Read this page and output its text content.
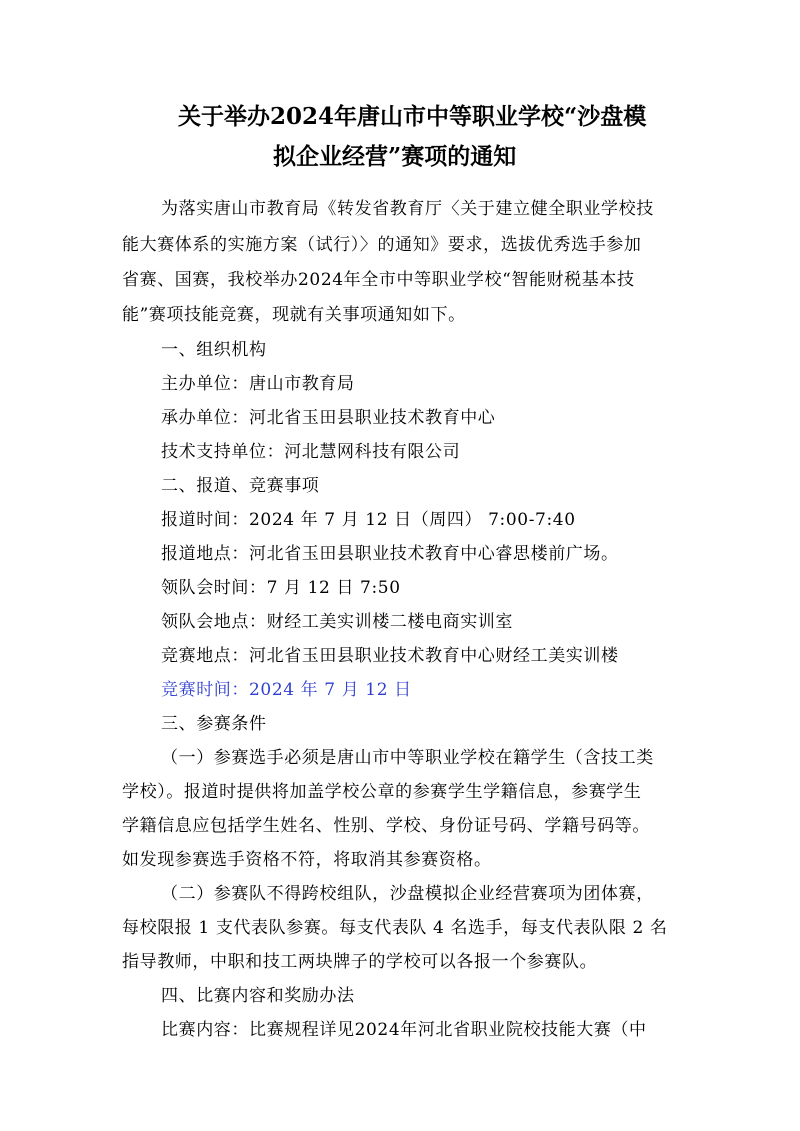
关于举办2024年唐山市中等职业学校“沙盘模
拟企业经营”赛项的通知
为落实唐山市教育局《转发省教育厅〈关于建立健全职业学校技
能大赛体系的实施方案（试行）〉的通知》要求，选拔优秀选手参加
省赛、国赛，我校举办2024年全市中等职业学校“智能财税基本技
能”赛项技能竞赛，现就有关事项通知如下。
一、组织机构
主办单位：唐山市教育局
承办单位：河北省玉田县职业技术教育中心
技术支持单位：河北慧网科技有限公司
二、报道、竞赛事项
报道时间：2024 年 7 月 12 日（周四） 7:00-7:40
报道地点：河北省玉田县职业技术教育中心睿思楼前广场。
领队会时间：7 月 12 日 7:50
领队会地点：财经工美实训楼二楼电商实训室
竞赛地点：河北省玉田县职业技术教育中心财经工美实训楼
竞赛时间：2024 年 7 月 12 日
三、参赛条件
（一）参赛选手必须是唐山市中等职业学校在籍学生（含技工类
学校）。报道时提供将加盖学校公章的参赛学生学籍信息，参赛学生
学籍信息应包括学生姓名、性别、学校、身份证号码、学籍号码等。
如发现参赛选手资格不符，将取消其参赛资格。
（二）参赛队不得跨校组队，沙盘模拟企业经营赛项为团体赛，
每校限报 1 支代表队参赛。每支代表队 4 名选手，每支代表队限 2 名
指导教师，中职和技工两块牌子的学校可以各报一个参赛队。
四、比赛内容和奖励办法
比赛内容：比赛规程详见2024年河北省职业院校技能大赛（中
